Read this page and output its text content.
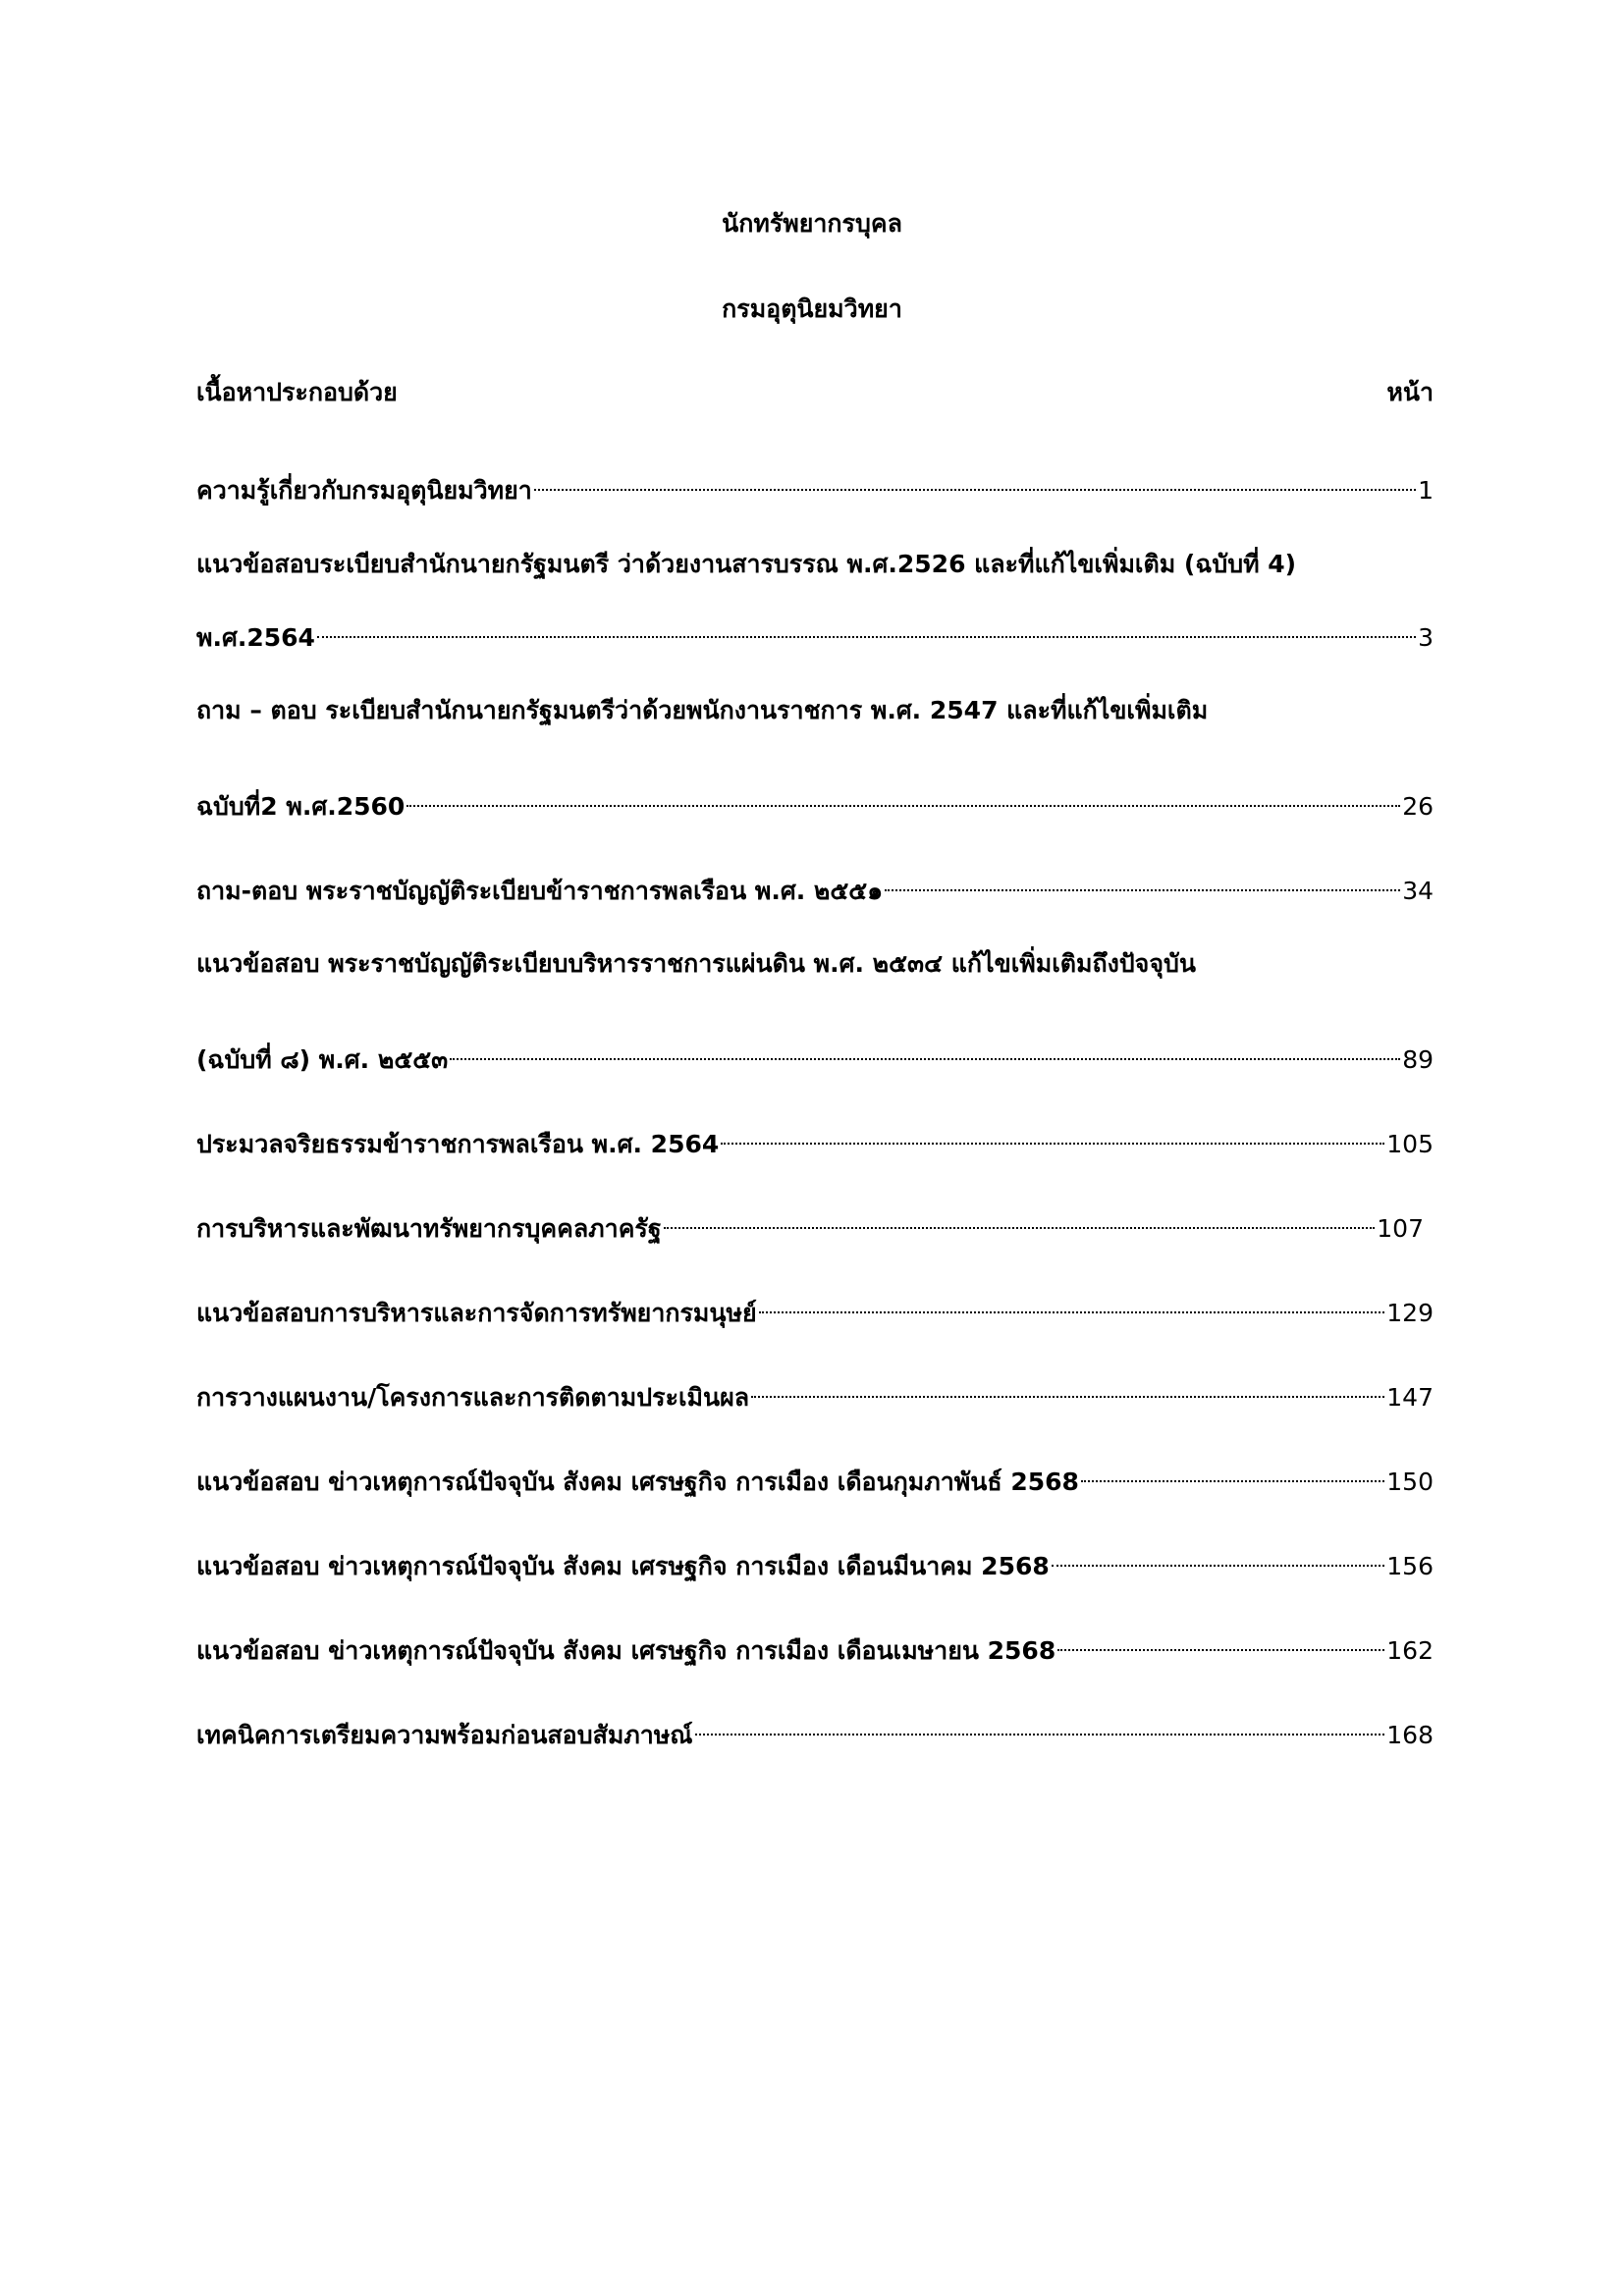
นักทรัพยากรบุคล
กรมอุตุนิยมวิทยา
เนื้อหาประกอบด้วย	หน้า
ความรู้เกี่ยวกับกรมอุตุนิยมวิทยา	1
แนวข้อสอบระเบียบสำนักนายกรัฐมนตรี ว่าด้วยงานสารบรรณ พ.ศ.2526 และที่แก้ไขเพิ่มเติม (ฉบับที่ 4)
พ.ศ.2564	3
ถาม – ตอบ ระเบียบสำนักนายกรัฐมนตรีว่าด้วยพนักงานราชการ พ.ศ. 2547 และที่แก้ไขเพิ่มเติม
ฉบับที่2 พ.ศ.2560	26
ถาม-ตอบ พระราชบัญญัติระเบียบข้าราชการพลเรือน พ.ศ. ๒๕๕๑	34
แนวข้อสอบ พระราชบัญญัติระเบียบบริหารราชการแผ่นดิน พ.ศ. ๒๕๓๔ แก้ไขเพิ่มเติมถึงปัจจุบัน
(ฉบับที่ ๘) พ.ศ. ๒๕๕๓	89
ประมวลจริยธรรมข้าราชการพลเรือน พ.ศ. 2564	105
การบริหารและพัฒนาทรัพยากรบุคคลภาครัฐ	107
แนวข้อสอบการบริหารและการจัดการทรัพยากรมนุษย์	129
การวางแผนงาน/โครงการและการติดตามประเมินผล	147
แนวข้อสอบ ข่าวเหตุการณ์ปัจจุบัน สังคม เศรษฐกิจ การเมือง เดือนกุมภาพันธ์ 2568	150
แนวข้อสอบ ข่าวเหตุการณ์ปัจจุบัน สังคม เศรษฐกิจ การเมือง เดือนมีนาคม 2568	156
แนวข้อสอบ ข่าวเหตุการณ์ปัจจุบัน สังคม เศรษฐกิจ การเมือง เดือนเมษายน 2568	162
เทคนิคการเตรียมความพร้อมก่อนสอบสัมภาษณ์	168
